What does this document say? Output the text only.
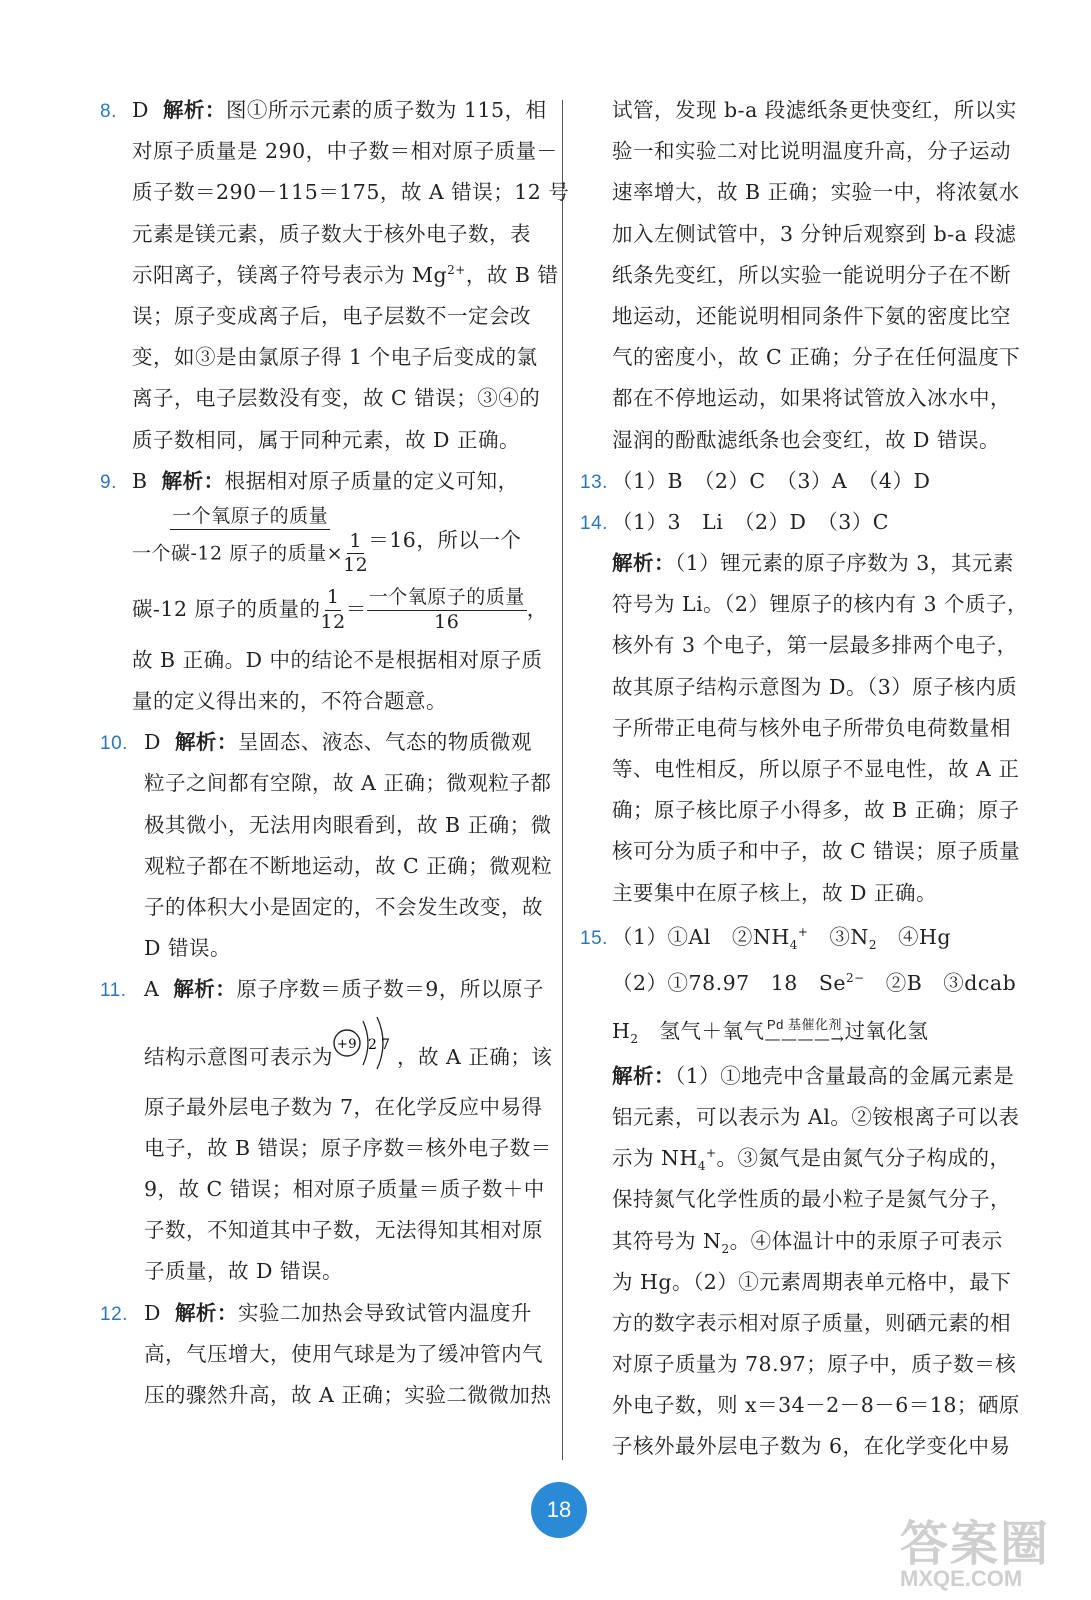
8. D 解析：图①所示元素的质子数为 115，相
对原子质量是 290，中子数＝相对原子质量－
质子数＝290－115＝175，故 A 错误；12 号
元素是镁元素，质子数大于核外电子数，表
示阳离子，镁离子符号表示为 $Mg^{2+}$，故 B 错
误；原子变成离子后，电子层数不一定会改
变，如③是由氯原子得 1 个电子后变成的氯
离子，电子层数没有变，故 C 错误；③④的
质子数相同，属于同种元素，故 D 正确。
9. B 解析：根据相对原子质量的定义可知，
$\frac{\text{一个氧原子的质量}}{一个碳-12 原子的质量\times \frac{1}{12}} =16$，所以一个
碳-12 原子的质量的 $\frac{1}{12} = \frac{\text{一个氧原子的质量}}{16}$ ，
故 B 正确。D 中的结论不是根据相对原子质
量的定义得出来的，不符合题意。
10. D 解析：呈固态、液态、气态的物质微观
粒子之间都有空隙，故 A 正确；微观粒子都
极其微小，无法用肉眼看到，故 B 正确；微
观粒子都在不断地运动，故 C 正确；微观粒
子的体积大小是固定的，不会发生改变，故
D 错误。
11. A 解析：原子序数＝质子数＝9，所以原子
结构示意图可表示为
+9 2 7 ，故 A 正确；该
原子最外层电子数为 7，在化学反应中易得
电子，故 B 错误；原子序数＝核外电子数＝
9，故 C 错误；相对原子质量＝质子数＋中
子数，不知道其中子数，无法得知其相对原
子质量，故 D 错误。
12. D 解析：实验二加热会导致试管内温度升
高，气压增大，使用气球是为了缓冲管内气
压的骤然升高，故 A 正确；实验二微微加热
试管，发现 b-a 段滤纸条更快变红，所以实
验一和实验二对比说明温度升高，分子运动
速率增大，故 B 正确；实验一中，将浓氨水
加入左侧试管中，3 分钟后观察到 b-a 段滤
纸条先变红，所以实验一能说明分子在不断
地运动，还能说明相同条件下氨的密度比空
气的密度小，故 C 正确；分子在任何温度下
都在不停地运动，如果将试管放入冰水中，
湿润的酚酞滤纸条也会变红，故 D 错误。
13. （1）B　（2）C　（3）A　（4）D
14. （1）3　Li　（2）D　（3）C
解析：（1）锂元素的原子序数为 3，其元素
符号为 Li。（2）锂原子的核内有 3 个质子，
核外有 3 个电子，第一层最多排两个电子，
故其原子结构示意图为 D。（3）原子核内质
子所带正电荷与核外电子所带负电荷数量相
等、电性相反，所以原子不显电性，故 A 正
确；原子核比原子小得多，故 B 正确；原子
核可分为质子和中子，故 C 错误；原子质量
主要集中在原子核上，故 D 正确。
15. （1）①Al　$②NH_4^+$　$③N_2$　④Hg
（2）①78.97　18　$Se^{2-}$　②B　③dcab
$H_2$　氢气＋氧气 Pd 基催化剂
————→ 过氧化氢
解析：（1）①地壳中含量最高的金属元素是
铝元素，可以表示为 Al。②铵根离子可以表
示为 $NH_4^+$。③氮气是由氮气分子构成的，
保持氮气化学性质的最小粒子是氮气分子，
其符号为 $N_2$。④体温计中的汞原子可表示
为 Hg。（2）①元素周期表单元格中，最下
方的数字表示相对原子质量，则硒元素的相
对原子质量为 78.97；原子中，质子数＝核
外电子数，则 x＝34－2－8－6＝18；硒原
子核外最外层电子数为 6，在化学变化中易
18
答案圈
MXQE.COM
